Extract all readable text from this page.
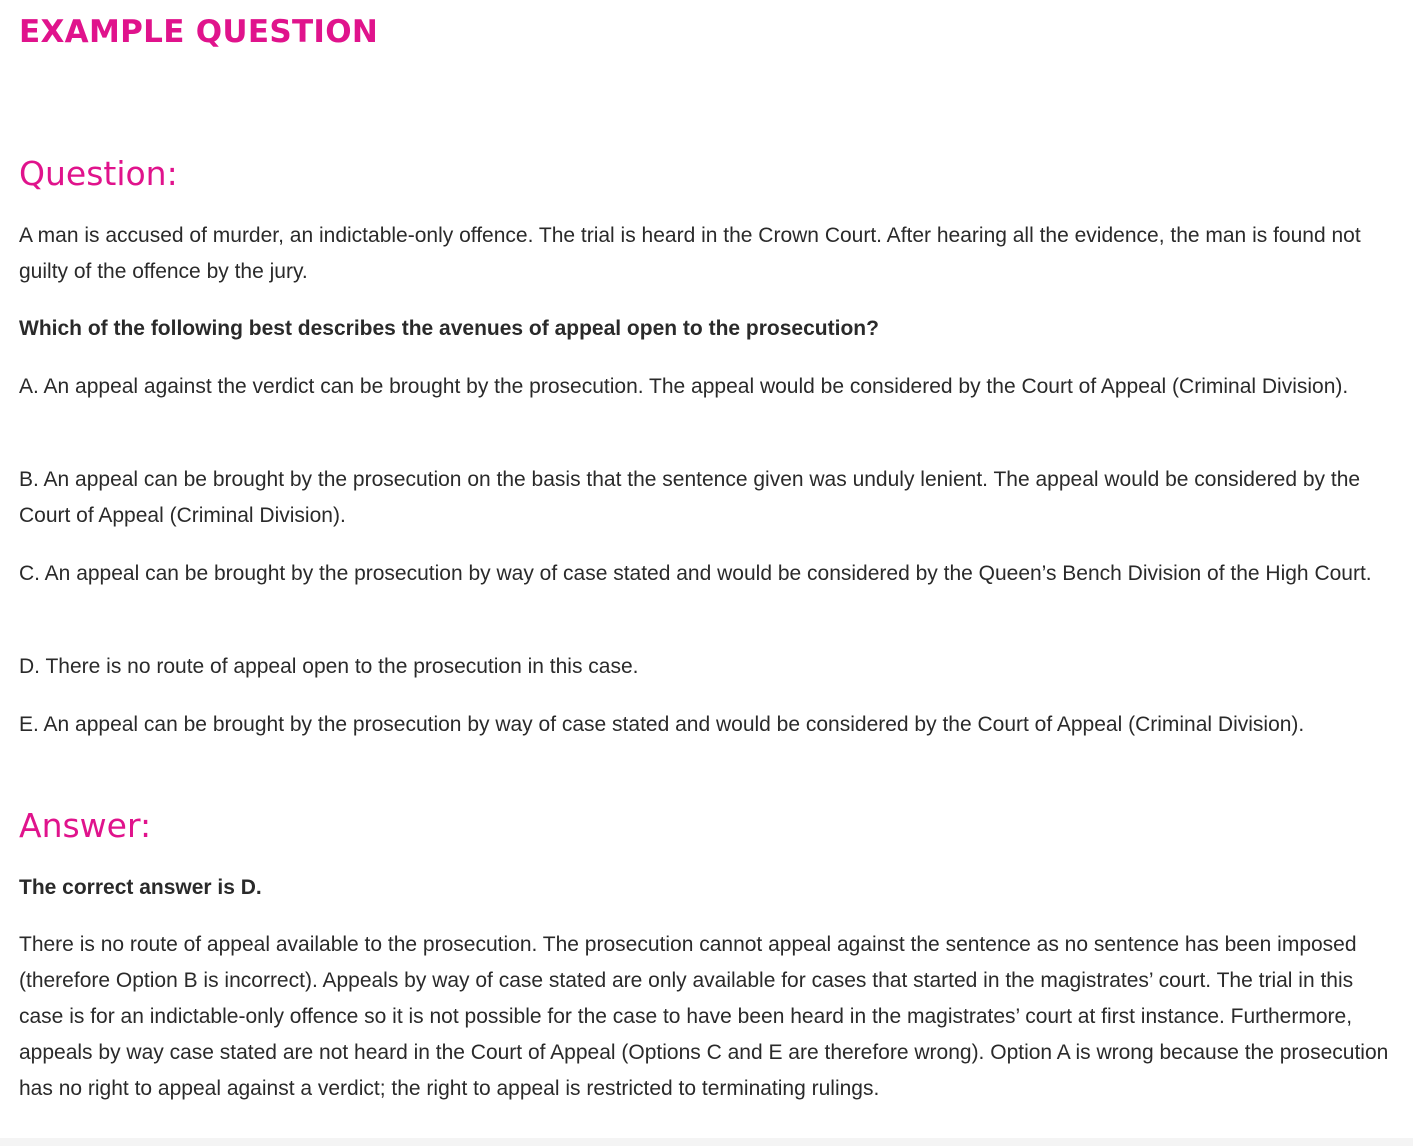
EXAMPLE QUESTION
Question:

A man is accused of murder, an indictable-only offence. The trial is heard in the Crown Court. After hearing all the evidence, the man is found not guilty of the offence by the jury.

Which of the following best describes the avenues of appeal open to the prosecution?

A. An appeal against the verdict can be brought by the prosecution. The appeal would be considered by the Court of Appeal (Criminal Division).

B. An appeal can be brought by the prosecution on the basis that the sentence given was unduly lenient. The appeal would be considered by the Court of Appeal (Criminal Division).

C. An appeal can be brought by the prosecution by way of case stated and would be considered by the Queen’s Bench Division of the High Court.

D. There is no route of appeal open to the prosecution in this case.

E. An appeal can be brought by the prosecution by way of case stated and would be considered by the Court of Appeal (Criminal Division).

Answer:

The correct answer is D.

There is no route of appeal available to the prosecution. The prosecution cannot appeal against the sentence as no sentence has been imposed (therefore Option B is incorrect). Appeals by way of case stated are only available for cases that started in the magistrates’ court. The trial in this case is for an indictable-only offence so it is not possible for the case to have been heard in the magistrates’ court at first instance. Furthermore, appeals by way case stated are not heard in the Court of Appeal (Options C and E are therefore wrong). Option A is wrong because the prosecution has no right to appeal against a verdict; the right to appeal is restricted to terminating rulings.
